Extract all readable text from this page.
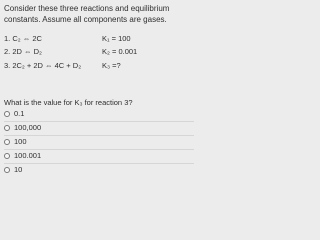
Consider these three reactions and equilibrium constants. Assume all components are gases.
1. C₂ ⇔ 2C	K₁ = 100
2. 2D ⇔ D₂	K₂ = 0.001
3. 2C₂ + 2D ⇔ 4C + D₂	K₃ =?
What is the value for K₃ for reaction 3?
0.1
100,000
100
100.001
10
